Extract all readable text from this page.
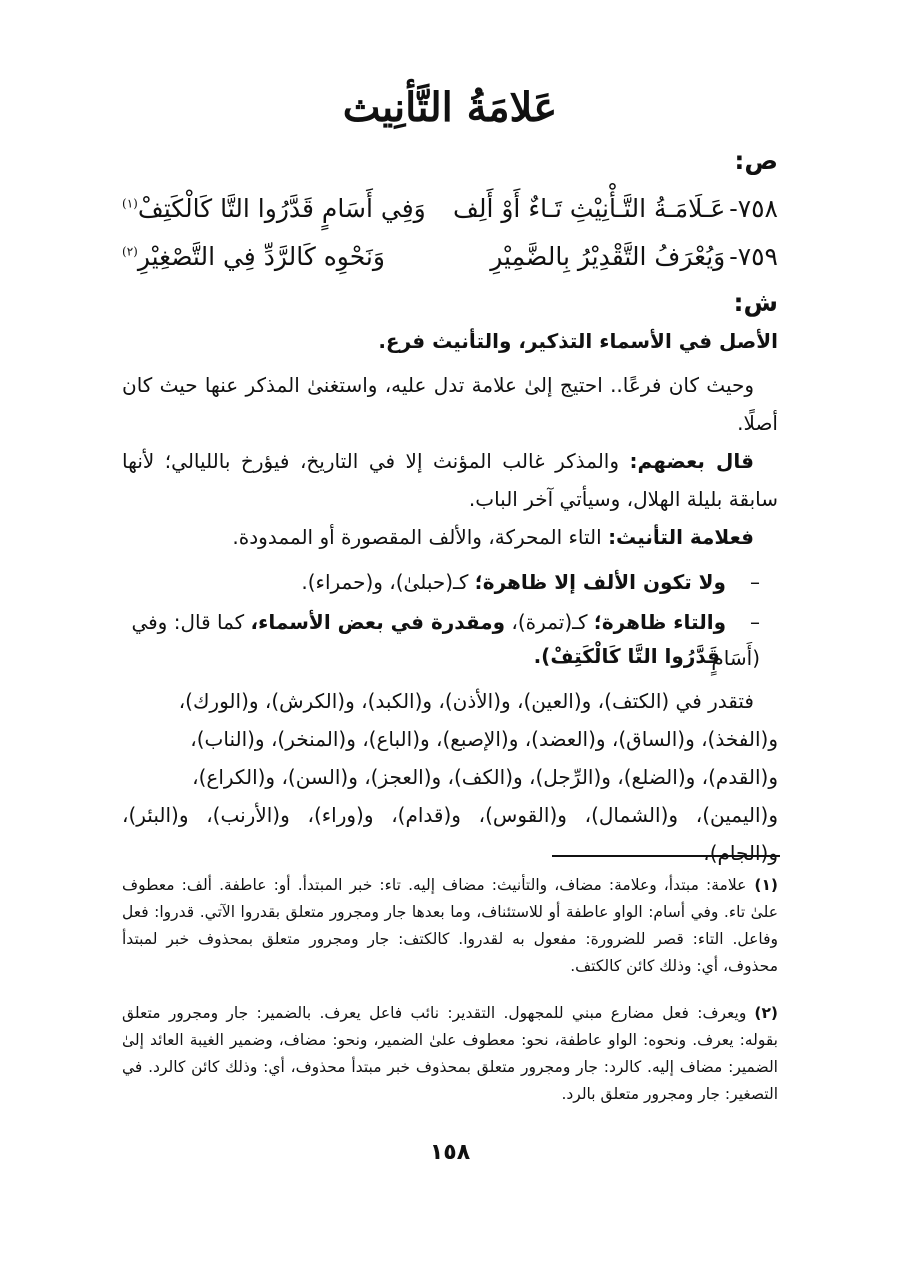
عَلامَةُ التَّأنِيث
ص:
٧٥٨-عَـلَامَـةُ التَّـأْنِيْثِ تَـاءٌ أَوْ أَلِف
وَفِي أَسَامٍ قَدَّرُوا التَّا كَالْكَتِفْ$^{(١)}$
٧٥٩-وَيُعْرَفُ التَّقْدِيْرُ بِالضَّمِيْرِ
وَنَحْوِه كَالرَّدِّ فِي التَّصْغِيْرِ$^{(٢)}$
ش:
الأصل في الأسماء التذكير، والتأنيث فرع.
وحيث كان فرعًا.. احتيج إلىٰ علامة تدل عليه، واستغنىٰ المذكر عنها حيث كان أصلًا.
قال بعضهم: والمذكر غالب المؤنث إلا في التاريخ، فيؤرخ بالليالي؛ لأنها سابقة بليلة الهلال، وسيأتي آخر الباب.
فعلامة التأنيث: التاء المحركة، والألف المقصورة أو الممدودة.
–ولا تكون الألف إلا ظاهرة؛ كـ(حبلىٰ)، و(حمراء).
–والتاء ظاهرة؛ كـ(تمرة)، ومقدرة في بعض الأسماء، كما قال: وفي (أَسَامٍ
قَدَّرُوا التَّا كَالْكَتِفْ).
فتقدر في (الكتف)، و(العين)، و(الأذن)، و(الكبد)، و(الكرش)، و(الورك)،
و(الفخذ)، و(الساق)، و(العضد)، و(الإصبع)، و(الباع)، و(المنخر)، و(الناب)،
و(القدم)، و(الضلع)، و(الرِّجل)، و(الكف)، و(العجز)، و(السن)، و(الكراع)،
و(اليمين)، و(الشمال)، و(القوس)، و(قدام)، و(وراء)، و(الأرنب)، و(البئر)، و(الجام)،
(١)علامة: مبتدأ، وعلامة: مضاف، والتأنيث: مضاف إليه. تاء: خبر المبتدأ. أو: عاطفة. ألف: معطوف علىٰ تاء. وفي أسام: الواو عاطفة أو للاستئناف، وما بعدها جار ومجرور متعلق بقدروا الآتي. قدروا: فعل وفاعل. التاء: قصر للضرورة: مفعول به لقدروا. كالكتف: جار ومجرور متعلق بمحذوف خبر لمبتدأ محذوف، أي: وذلك كائن كالكتف.
(٢)ويعرف: فعل مضارع مبني للمجهول. التقدير: نائب فاعل يعرف. بالضمير: جار ومجرور متعلق بقوله: يعرف. ونحوه: الواو عاطفة، نحو: معطوف علىٰ الضمير، ونحو: مضاف، وضمير الغيبة العائد إلىٰ الضمير: مضاف إليه. كالرد: جار ومجرور متعلق بمحذوف خبر مبتدأ محذوف، أي: وذلك كائن كالرد. في التصغير: جار ومجرور متعلق بالرد.
١٥٨
